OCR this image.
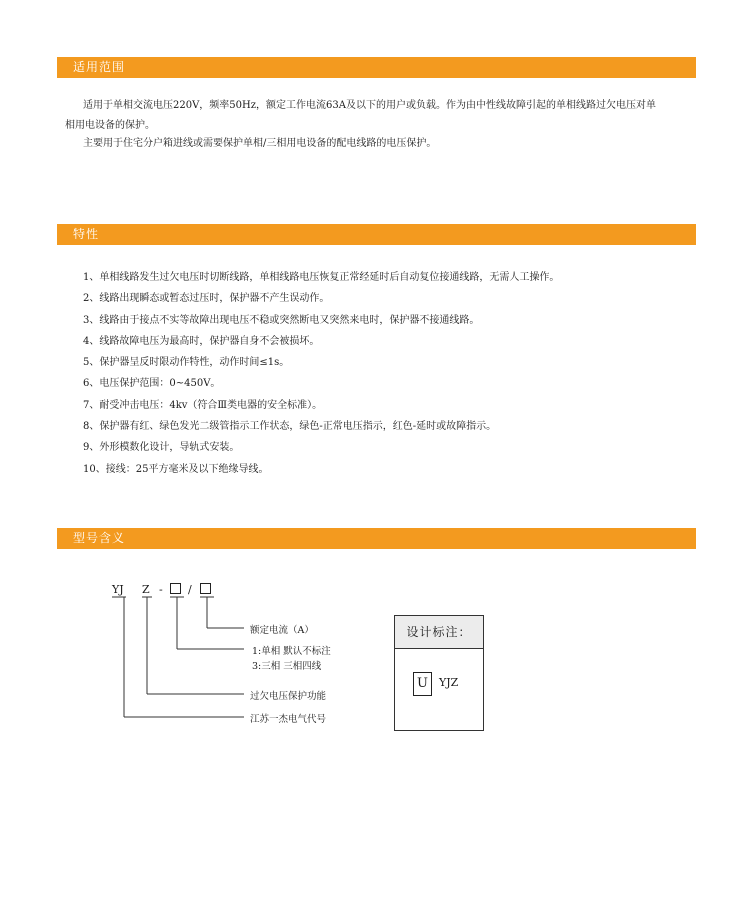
适用范围
适用于单相交流电压220V，频率50Hz，额定工作电流63A及以下的用户或负载。作为由中性线故障引起的单相线路过欠电压对单
相用电设备的保护。
主要用于住宅分户箱进线或需要保护单相/三相用电设备的配电线路的电压保护。
特性
1、单相线路发生过欠电压时切断线路，单相线路电压恢复正常经延时后自动复位接通线路，无需人工操作。
2、线路出现瞬态或暂态过压时，保护器不产生误动作。
3、线路由于接点不实等故障出现电压不稳或突然断电又突然来电时，保护器不接通线路。
4、线路故障电压为最高时，保护器自身不会被损坏。
5、保护器呈反时限动作特性，动作时间≤1s。
6、电压保护范围：0~450V。
7、耐受冲击电压：4kv（符合Ⅲ类电器的安全标准）。
8、保护器有红、绿色发光二级管指示工作状态，绿色-正常电压指示，红色-延时或故障指示。
9、外形模数化设计，导轨式安装。
10、接线：25平方毫米及以下绝缘导线。
型号含义
YJ Z - /
额定电流（A）
1:单相 默认不标注
3:三相 三相四线
过欠电压保护功能
江苏一杰电气代号
设计标注：
U	YJZ
